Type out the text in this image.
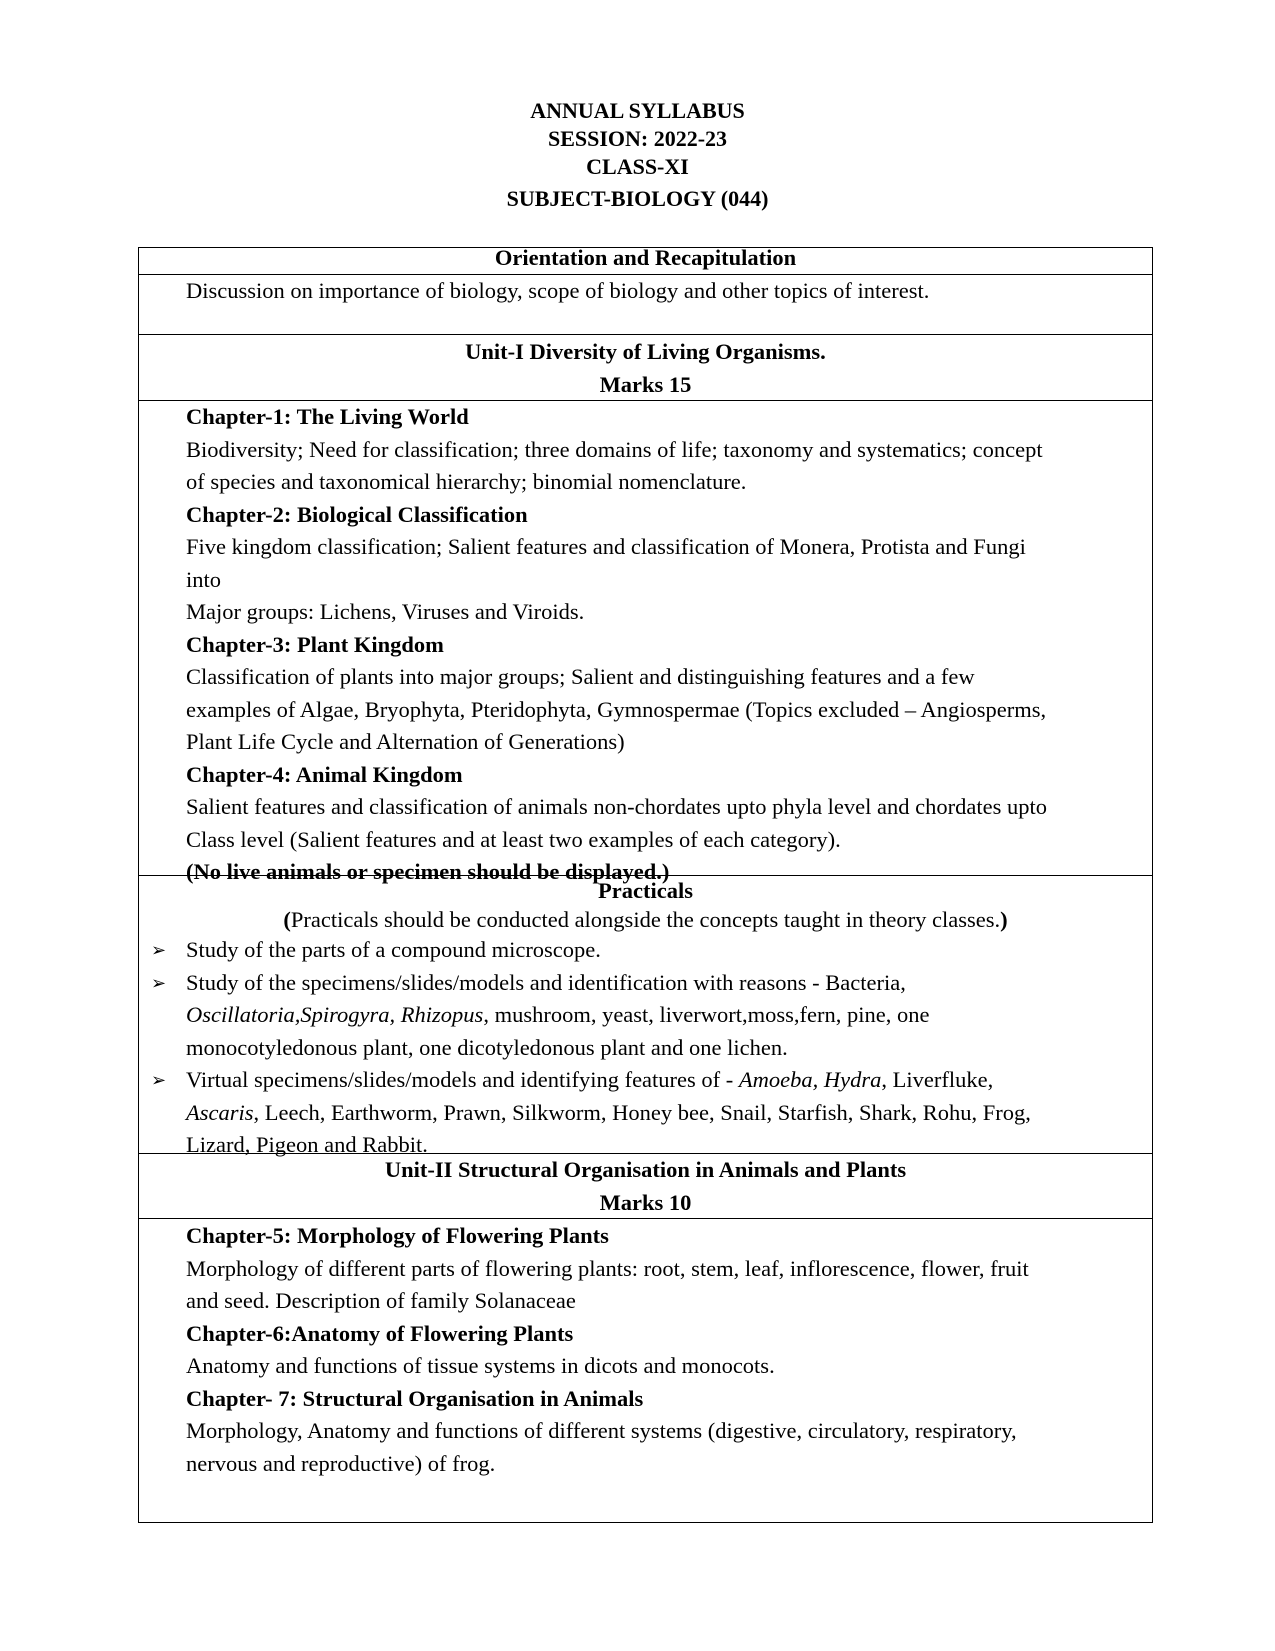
ANNUAL SYLLABUS
SESSION: 2022-23
CLASS-XI
SUBJECT-BIOLOGY (044)
Orientation and Recapitulation
Discussion on importance of biology, scope of biology and other topics of interest.
Unit-I Diversity of Living Organisms.
Marks 15

Chapter-1: The Living World

Biodiversity; Need for classification; three domains of life; taxonomy and systematics; concept

of species and taxonomical hierarchy; binomial nomenclature.

Chapter-2: Biological Classification

Five kingdom classification; Salient features and classification of Monera, Protista and Fungi

into

Major groups: Lichens, Viruses and Viroids.

Chapter-3: Plant Kingdom

Classification of plants into major groups; Salient and distinguishing features and a few

examples of Algae, Bryophyta, Pteridophyta, Gymnospermae (Topics excluded – Angiosperms,

Plant Life Cycle and Alternation of Generations)

Chapter-4: Animal Kingdom

Salient features and classification of animals non-chordates upto phyla level and chordates upto

Class level (Salient features and at least two examples of each category).

(No live animals or specimen should be displayed.)

Practicals
(Practicals should be conducted alongside the concepts taught in theory classes.)
➢ Study of the parts of a compound microscope.
➢ Study of the specimens/slides/models and identification with reasons - Bacteria,
Oscillatoria,Spirogyra, Rhizopus, mushroom, yeast, liverwort,moss,fern, pine, one
monocotyledonous plant, one dicotyledonous plant and one lichen.
➢ Virtual specimens/slides/models and identifying features of - Amoeba, Hydra, Liverfluke,
Ascaris, Leech, Earthworm, Prawn, Silkworm, Honey bee, Snail, Starfish, Shark, Rohu, Frog,
Lizard, Pigeon and Rabbit.
Unit-II Structural Organisation in Animals and Plants
Marks 10

Chapter-5: Morphology of Flowering Plants

Morphology of different parts of flowering plants: root, stem, leaf, inflorescence, flower, fruit

and seed. Description of family Solanaceae

Chapter-6:Anatomy of Flowering Plants

Anatomy and functions of tissue systems in dicots and monocots.

Chapter- 7: Structural Organisation in Animals

Morphology, Anatomy and functions of different systems (digestive, circulatory, respiratory,

nervous and reproductive) of frog.
